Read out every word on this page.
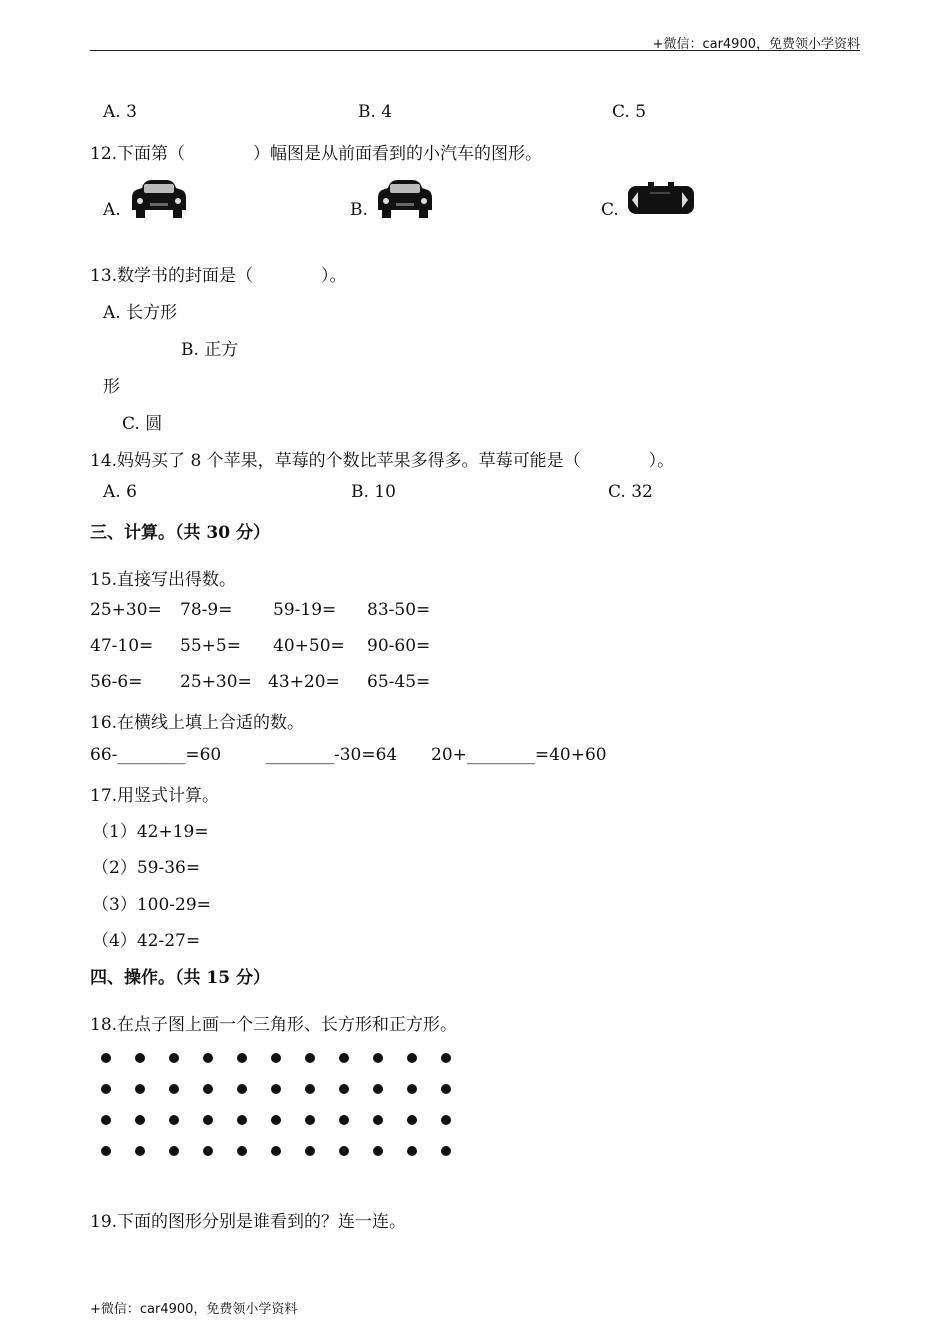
+微信：car4900，免费领小学资料
A. 3	B. 4	C. 5
12.下面第（　　　　）幅图是从前面看到的小汽车的图形。
A.	B.	C.
13.数学书的封面是（　　　　）。
A. 长方形
B. 正方
形
C. 圆
14.妈妈买了 8 个苹果，草莓的个数比苹果多得多。草莓可能是（　　　　）。
A. 6	B. 10	C. 32
三、计算。（共 30 分）
15.直接写出得数。
25+30= 78-9= 59-19= 83-50=
47-10= 55+5= 40+50= 90-60=
56-6= 25+30= 43+20= 65-45=
16.在横线上填上合适的数。
66-________=60	________-30=64 20+________=40+60
17.用竖式计算。
（1）42+19=
（2）59-36=
（3）100-29=
（4）42-27=
四、操作。（共 15 分）
18.在点子图上画一个三角形、长方形和正方形。
19.下面的图形分别是谁看到的？连一连。
+微信：car4900，免费领小学资料
